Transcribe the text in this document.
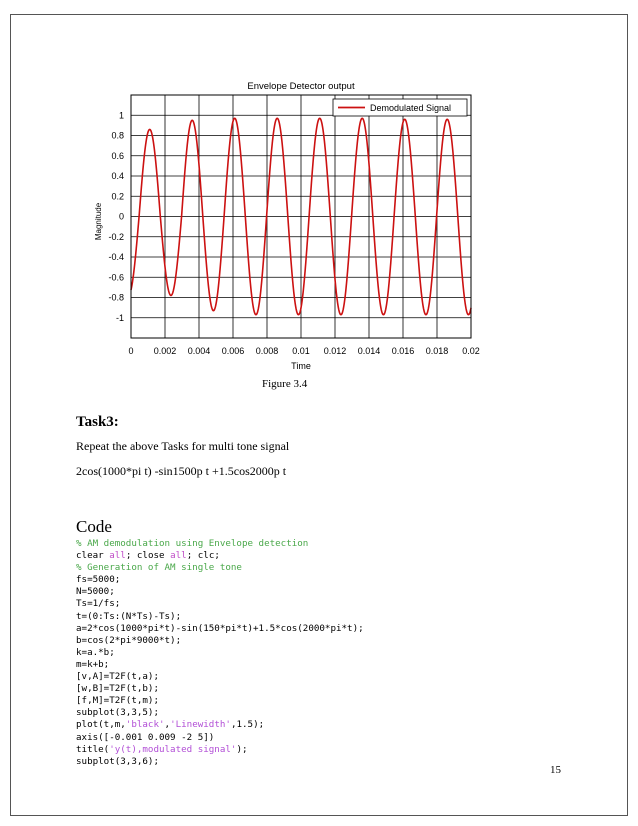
0 0.002 0.004 0.006 0.008 0.01 0.012 0.014 0.016 0.018 0.02
1
0.8
0.6
0.4
0.2
0
-0.2
-0.4
-0.6
-0.8
-1
Demodulated Signal
Envelope Detector output
Time
Magnitude
Figure 3.4
Task3:
Repeat the above Tasks for multi tone signal
2cos(1000*pi t) -sin1500p t +1.5cos2000p t
Code
% AM demodulation using Envelope detection
clear all; close all; clc;
% Generation of AM single tone
fs=5000;
N=5000;
Ts=1/fs;
t=(0:Ts:(N*Ts)-Ts);
a=2*cos(1000*pi*t)-sin(150*pi*t)+1.5*cos(2000*pi*t);
b=cos(2*pi*9000*t);
k=a.*b;
m=k+b;
[v,A]=T2F(t,a);
[w,B]=T2F(t,b);
[f,M]=T2F(t,m);
subplot(3,3,5);
plot(t,m,'black','Linewidth',1.5);
axis([-0.001 0.009 -2 5])
title('y(t),modulated signal');
subplot(3,3,6);
15
